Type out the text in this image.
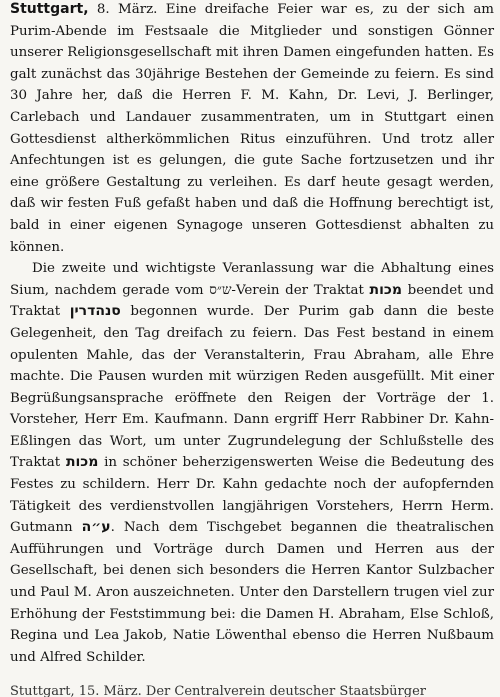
Stuttgart, 8. März. Eine dreifache Feier war es, zu der sich am Purim-Abende im Festsaale die Mitglieder und sonstigen Gönner unserer Religionsgesellschaft mit ihren Damen eingefunden hatten. Es galt zunächst das 30jährige Bestehen der Gemeinde zu feiern. Es sind 30 Jahre her, daß die Herren F. M. Kahn, Dr. Levi, J. Berlinger, Carlebach und Landauer zusammentraten, um in Stuttgart einen Gottesdienst altherkömmlichen Ritus einzuführen. Und trotz aller Anfechtungen ist es gelungen, die gute Sache fortzusetzen und ihr eine größere Gestaltung zu verleihen. Es darf heute gesagt werden, daß wir festen Fuß gefaßt haben und daß die Hoffnung berechtigt ist, bald in einer eigenen Synagoge unseren Gottesdienst abhalten zu können.

Die zweite und wichtigste Veranlassung war die Abhaltung eines Sium, nachdem gerade vom ש״ס-Verein der Traktat מכות beendet und Traktat סנהדרין begonnen wurde. Der Purim gab dann die beste Gelegenheit, den Tag dreifach zu feiern. Das Fest bestand in einem opulenten Mahle, das der Veranstalterin, Frau Abraham, alle Ehre machte. Die Pausen wurden mit würzigen Reden ausgefüllt. Mit einer Begrüßungsansprache eröffnete den Reigen der Vorträge der 1. Vorsteher, Herr Em. Kaufmann. Dann ergriff Herr Rabbiner Dr. Kahn-Eßlingen das Wort, um unter Zugrundelegung der Schlußstelle des Traktat מכות in schöner beherzigenswerten Weise die Bedeutung des Festes zu schildern. Herr Dr. Kahn gedachte noch der aufopfernden Tätigkeit des verdienstvollen langjährigen Vorstehers, Herrn Herm. Gutmann ע״ה. Nach dem Tischgebet begannen die theatralischen Aufführungen und Vorträge durch Damen und Herren aus der Gesellschaft, bei denen sich besonders die Herren Kantor Sulzbacher und Paul M. Aron auszeichneten. Unter den Darstellern trugen viel zur Erhöhung der Feststimmung bei: die Damen H. Abraham, Else Schloß, Regina und Lea Jakob, Natie Löwenthal ebenso die Herren Nußbaum und Alfred Schilder.

Stuttgart, 15. März. Der Centralverein deutscher Staatsbürger
